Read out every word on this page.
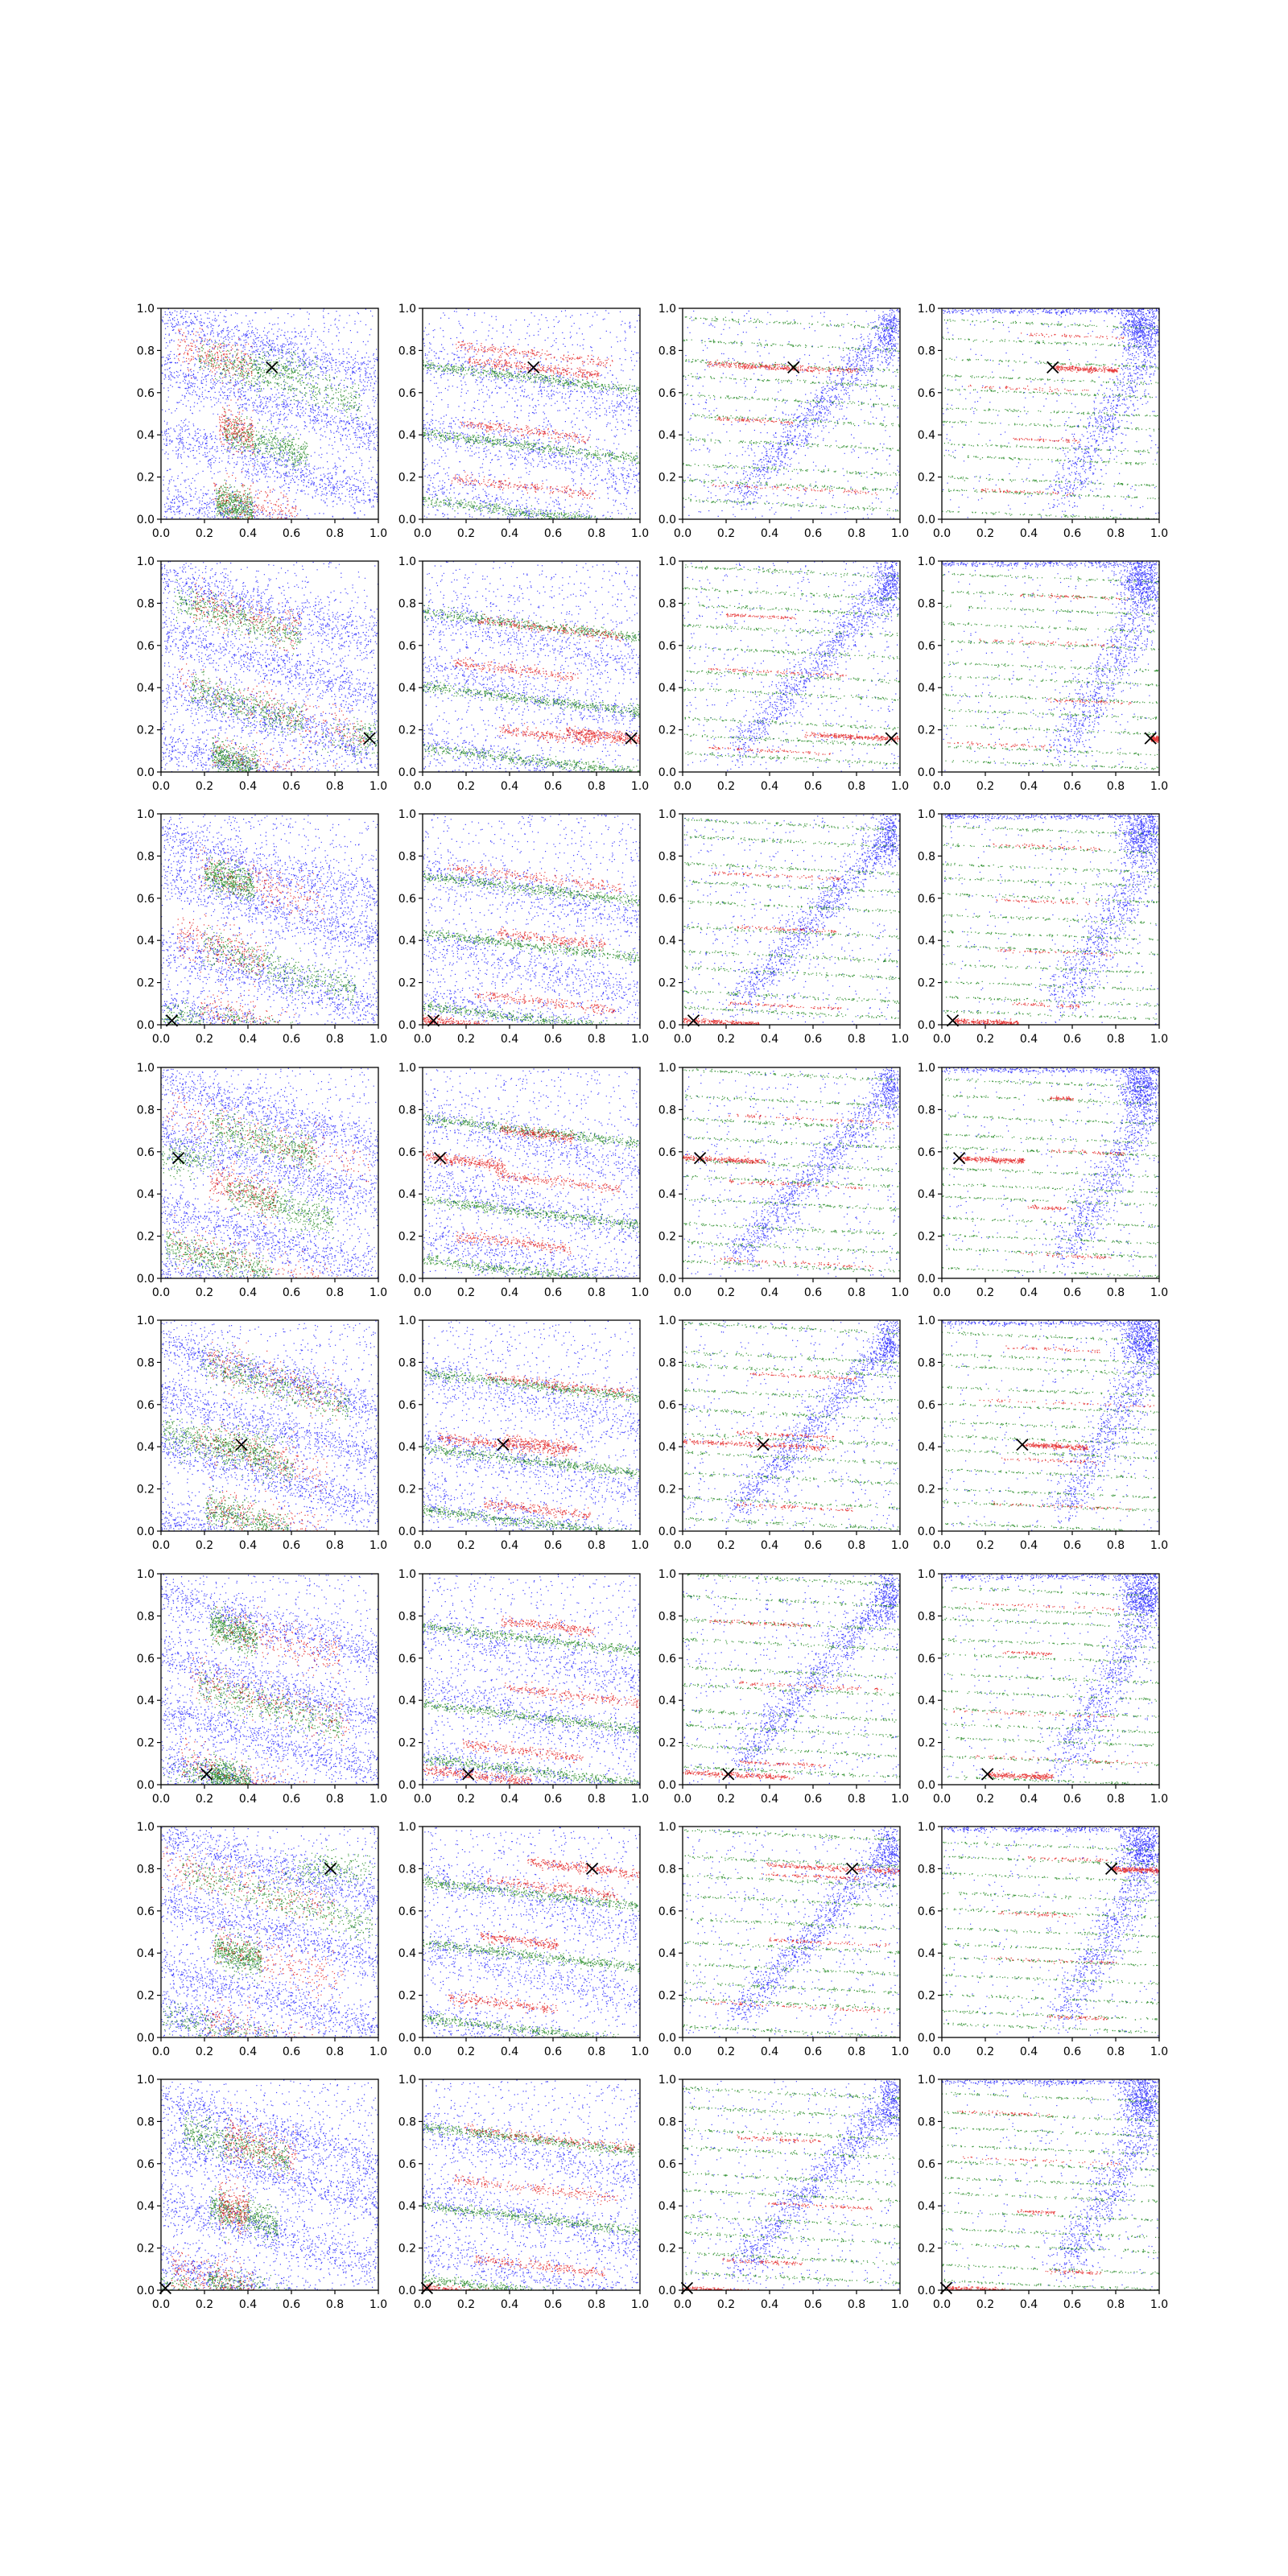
0.0
0.0
0.2
0.2
0.4
0.4
0.6
0.6
0.8
0.8
1.0
1.0
0.0
0.0
0.2
0.2
0.4
0.4
0.6
0.6
0.8
0.8
1.0
1.0
0.0
0.0
0.2
0.2
0.4
0.4
0.6
0.6
0.8
0.8
1.0
1.0
0.0
0.0
0.2
0.2
0.4
0.4
0.6
0.6
0.8
0.8
1.0
1.0
0.0
0.0
0.2
0.2
0.4
0.4
0.6
0.6
0.8
0.8
1.0
1.0
0.0
0.0
0.2
0.2
0.4
0.4
0.6
0.6
0.8
0.8
1.0
1.0
0.0
0.0
0.2
0.2
0.4
0.4
0.6
0.6
0.8
0.8
1.0
1.0
0.0
0.0
0.2
0.2
0.4
0.4
0.6
0.6
0.8
0.8
1.0
1.0
0.0
0.0
0.2
0.2
0.4
0.4
0.6
0.6
0.8
0.8
1.0
1.0
0.0
0.0
0.2
0.2
0.4
0.4
0.6
0.6
0.8
0.8
1.0
1.0
0.0
0.0
0.2
0.2
0.4
0.4
0.6
0.6
0.8
0.8
1.0
1.0
0.0
0.0
0.2
0.2
0.4
0.4
0.6
0.6
0.8
0.8
1.0
1.0
0.0
0.0
0.2
0.2
0.4
0.4
0.6
0.6
0.8
0.8
1.0
1.0
0.0
0.0
0.2
0.2
0.4
0.4
0.6
0.6
0.8
0.8
1.0
1.0
0.0
0.0
0.2
0.2
0.4
0.4
0.6
0.6
0.8
0.8
1.0
1.0
0.0
0.0
0.2
0.2
0.4
0.4
0.6
0.6
0.8
0.8
1.0
1.0
0.0
0.0
0.2
0.2
0.4
0.4
0.6
0.6
0.8
0.8
1.0
1.0
0.0
0.0
0.2
0.2
0.4
0.4
0.6
0.6
0.8
0.8
1.0
1.0
0.0
0.0
0.2
0.2
0.4
0.4
0.6
0.6
0.8
0.8
1.0
1.0
0.0
0.0
0.2
0.2
0.4
0.4
0.6
0.6
0.8
0.8
1.0
1.0
0.0
0.0
0.2
0.2
0.4
0.4
0.6
0.6
0.8
0.8
1.0
1.0
0.0
0.0
0.2
0.2
0.4
0.4
0.6
0.6
0.8
0.8
1.0
1.0
0.0
0.0
0.2
0.2
0.4
0.4
0.6
0.6
0.8
0.8
1.0
1.0
0.0
0.0
0.2
0.2
0.4
0.4
0.6
0.6
0.8
0.8
1.0
1.0
0.0
0.0
0.2
0.2
0.4
0.4
0.6
0.6
0.8
0.8
1.0
1.0
0.0
0.0
0.2
0.2
0.4
0.4
0.6
0.6
0.8
0.8
1.0
1.0
0.0
0.0
0.2
0.2
0.4
0.4
0.6
0.6
0.8
0.8
1.0
1.0
0.0
0.0
0.2
0.2
0.4
0.4
0.6
0.6
0.8
0.8
1.0
1.0
0.0
0.0
0.2
0.2
0.4
0.4
0.6
0.6
0.8
0.8
1.0
1.0
0.0
0.0
0.2
0.2
0.4
0.4
0.6
0.6
0.8
0.8
1.0
1.0
0.0
0.0
0.2
0.2
0.4
0.4
0.6
0.6
0.8
0.8
1.0
1.0
0.0
0.0
0.2
0.2
0.4
0.4
0.6
0.6
0.8
0.8
1.0
1.0
